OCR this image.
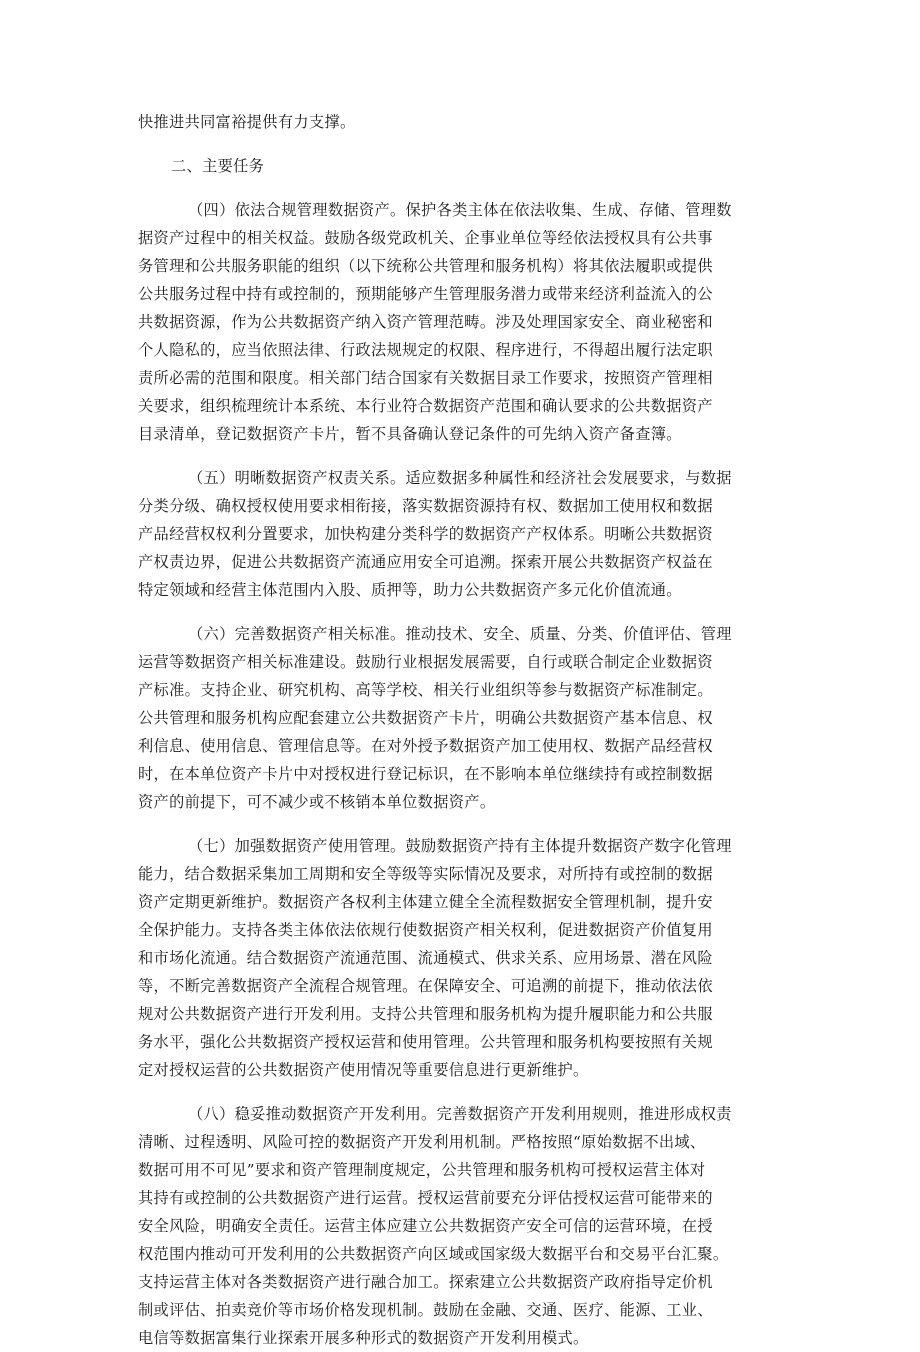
快推进共同富裕提供有力支撑。
二、主要任务
（四）依法合规管理数据资产。保护各类主体在依法收集、生成、存储、管理数
据资产过程中的相关权益。鼓励各级党政机关、企事业单位等经依法授权具有公共事
务管理和公共服务职能的组织（以下统称公共管理和服务机构）将其依法履职或提供
公共服务过程中持有或控制的，预期能够产生管理服务潜力或带来经济利益流入的公
共数据资源，作为公共数据资产纳入资产管理范畴。涉及处理国家安全、商业秘密和
个人隐私的，应当依照法律、行政法规规定的权限、程序进行，不得超出履行法定职
责所必需的范围和限度。相关部门结合国家有关数据目录工作要求，按照资产管理相
关要求，组织梳理统计本系统、本行业符合数据资产范围和确认要求的公共数据资产
目录清单，登记数据资产卡片，暂不具备确认登记条件的可先纳入资产备查簿。
（五）明晰数据资产权责关系。适应数据多种属性和经济社会发展要求，与数据
分类分级、确权授权使用要求相衔接，落实数据资源持有权、数据加工使用权和数据
产品经营权权利分置要求，加快构建分类科学的数据资产产权体系。明晰公共数据资
产权责边界，促进公共数据资产流通应用安全可追溯。探索开展公共数据资产权益在
特定领域和经营主体范围内入股、质押等，助力公共数据资产多元化价值流通。
（六）完善数据资产相关标准。推动技术、安全、质量、分类、价值评估、管理
运营等数据资产相关标准建设。鼓励行业根据发展需要，自行或联合制定企业数据资
产标准。支持企业、研究机构、高等学校、相关行业组织等参与数据资产标准制定。
公共管理和服务机构应配套建立公共数据资产卡片，明确公共数据资产基本信息、权
利信息、使用信息、管理信息等。在对外授予数据资产加工使用权、数据产品经营权
时，在本单位资产卡片中对授权进行登记标识，在不影响本单位继续持有或控制数据
资产的前提下，可不减少或不核销本单位数据资产。
（七）加强数据资产使用管理。鼓励数据资产持有主体提升数据资产数字化管理
能力，结合数据采集加工周期和安全等级等实际情况及要求，对所持有或控制的数据
资产定期更新维护。数据资产各权利主体建立健全全流程数据安全管理机制，提升安
全保护能力。支持各类主体依法依规行使数据资产相关权利，促进数据资产价值复用
和市场化流通。结合数据资产流通范围、流通模式、供求关系、应用场景、潜在风险
等，不断完善数据资产全流程合规管理。在保障安全、可追溯的前提下，推动依法依
规对公共数据资产进行开发利用。支持公共管理和服务机构为提升履职能力和公共服
务水平，强化公共数据资产授权运营和使用管理。公共管理和服务机构要按照有关规
定对授权运营的公共数据资产使用情况等重要信息进行更新维护。
（八）稳妥推动数据资产开发利用。完善数据资产开发利用规则，推进形成权责
清晰、过程透明、风险可控的数据资产开发利用机制。严格按照“原始数据不出域、
数据可用不可见”要求和资产管理制度规定，公共管理和服务机构可授权运营主体对
其持有或控制的公共数据资产进行运营。授权运营前要充分评估授权运营可能带来的
安全风险，明确安全责任。运营主体应建立公共数据资产安全可信的运营环境，在授
权范围内推动可开发利用的公共数据资产向区域或国家级大数据平台和交易平台汇聚。
支持运营主体对各类数据资产进行融合加工。探索建立公共数据资产政府指导定价机
制或评估、拍卖竞价等市场价格发现机制。鼓励在金融、交通、医疗、能源、工业、
电信等数据富集行业探索开展多种形式的数据资产开发利用模式。
